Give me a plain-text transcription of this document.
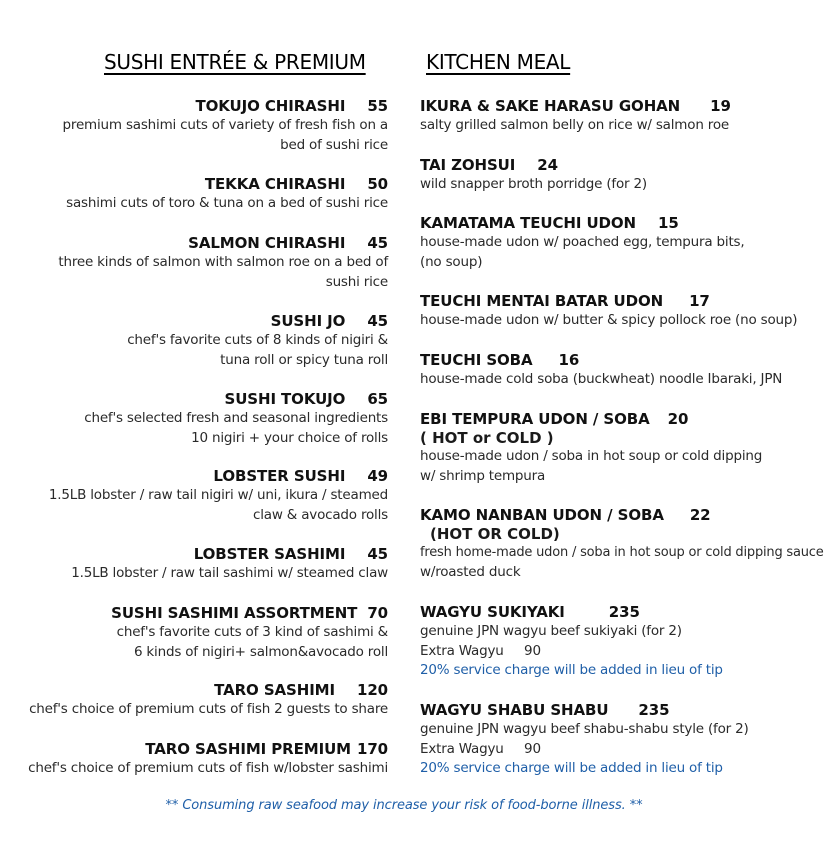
SUSHI ENTRÉE & PREMIUM	KITCHEN MEAL
TOKUJO CHIRASHI 55
premium sashimi cuts of variety of fresh fish on a
bed of sushi rice
TEKKA CHIRASHI 50
sashimi cuts of toro & tuna on a bed of sushi rice
SALMON CHIRASHI 45
three kinds of salmon with salmon roe on a bed of
sushi rice
SUSHI JO 45
chef's favorite cuts of 8 kinds of nigiri &
tuna roll or spicy tuna roll
SUSHI TOKUJO 65
chef's selected fresh and seasonal ingredients
10 nigiri + your choice of rolls
LOBSTER SUSHI 49
1.5LB lobster / raw tail nigiri w/ uni, ikura / steamed
claw & avocado rolls
LOBSTER SASHIMI 45
1.5LB lobster / raw tail sashimi w/ steamed claw
SUSHI SASHIMI ASSORTMENT 70
chef's favorite cuts of 3 kind of sashimi &
6 kinds of nigiri+ salmon&avocado roll
TARO SASHIMI 120
chef's choice of premium cuts of fish 2 guests to share
TARO SASHIMI PREMIUM 170
chef's choice of premium cuts of fish w/lobster sashimi
IKURA & SAKE HARASU GOHAN 19
salty grilled salmon belly on rice w/ salmon roe
TAI ZOHSUI 24
wild snapper broth porridge (for 2)
KAMATAMA TEUCHI UDON 15
house-made udon w/ poached egg, tempura bits,
(no soup)
TEUCHI MENTAI BATAR UDON 17
house-made udon w/ butter & spicy pollock roe (no soup)
TEUCHI SOBA 16
house-made cold soba (buckwheat) noodle Ibaraki, JPN
EBI TEMPURA UDON / SOBA 20
( HOT or COLD )
house-made udon / soba in hot soup or cold dipping
w/ shrimp tempura
KAMO NANBAN UDON / SOBA 22
(HOT OR COLD)
fresh home-made udon / soba in hot soup or cold dipping sauce
w/roasted duck
WAGYU SUKIYAKI	235
genuine JPN wagyu beef sukiyaki (for 2)
Extra Wagyu     90
20% service charge will be added in lieu of tip
WAGYU SHABU SHABU 235
genuine JPN wagyu beef shabu-shabu style (for 2)
Extra Wagyu     90
20% service charge will be added in lieu of tip
** Consuming raw seafood may increase your risk of food-borne illness. **
